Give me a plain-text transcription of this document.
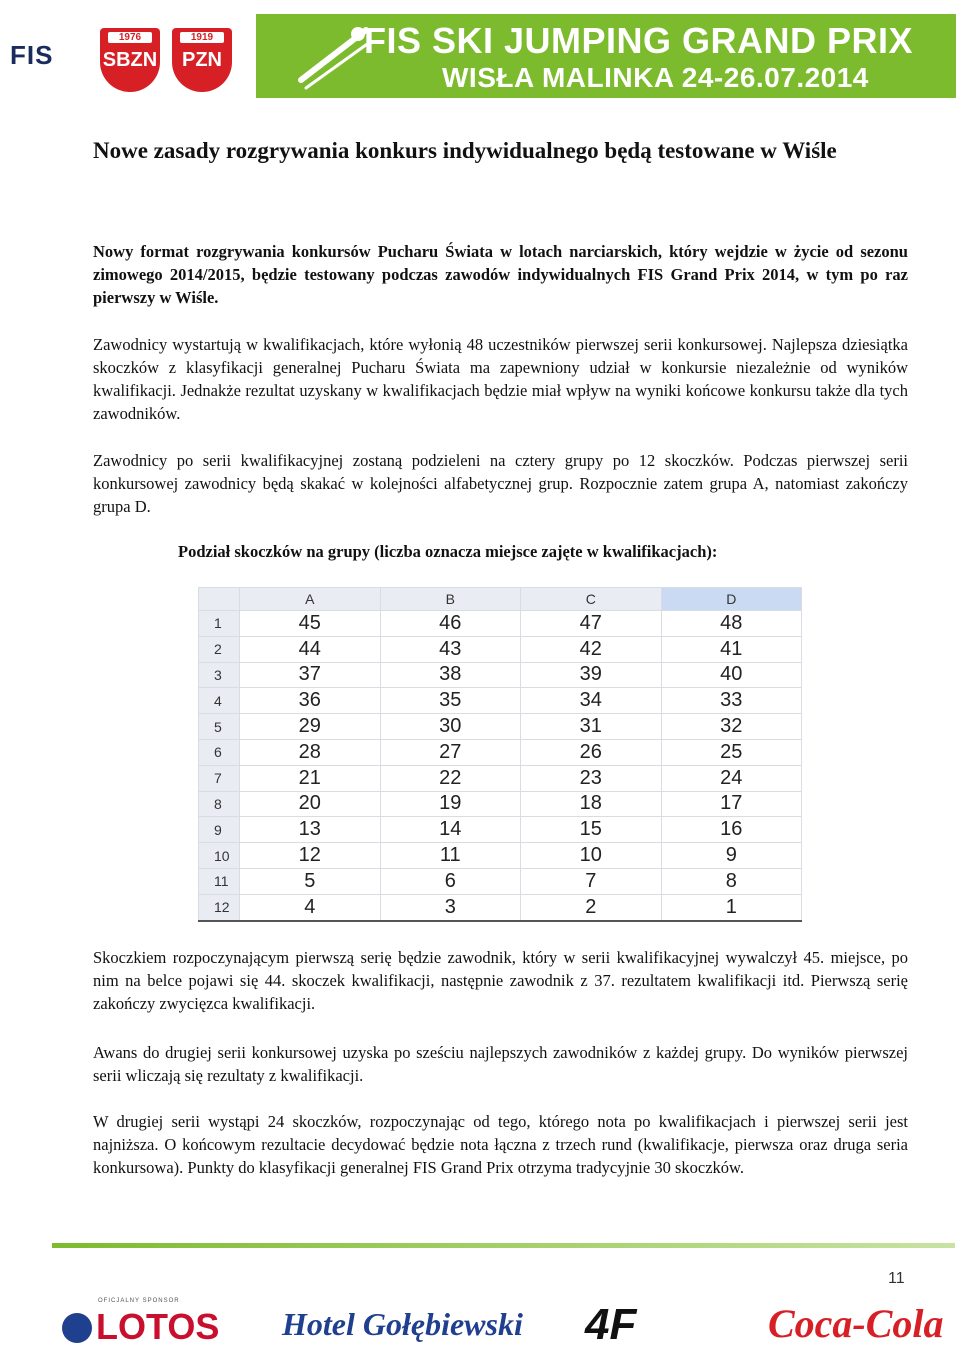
FIS
1976
SBZN
1919
PZN	FIS SKI JUMPING GRAND PRIX
WISŁA MALINKA 24-26.07.2014
Nowe zasady rozgrywania konkurs indywidualnego będą testowane w Wiśle
Nowy format rozgrywania konkursów Pucharu Świata w lotach narciarskich, który wejdzie w życie od sezonu zimowego 2014/2015, będzie testowany podczas zawodów indywidualnych FIS Grand Prix 2014, w tym po raz pierwszy w Wiśle.
Zawodnicy wystartują w kwalifikacjach, które wyłonią 48 uczestników pierwszej serii konkursowej. Najlepsza dziesiątka skoczków z klasyfikacji generalnej Pucharu Świata ma zapewniony udział w konkursie niezależnie od wyników kwalifikacji. Jednakże rezultat uzyskany w kwalifikacjach będzie miał wpływ na wyniki końcowe konkursu także dla tych zawodników.
Zawodnicy po serii kwalifikacyjnej zostaną podzieleni na cztery grupy po 12 skoczków. Podczas pierwszej serii konkursowej zawodnicy będą skakać w kolejności alfabetycznej grup. Rozpocznie zatem grupa A, natomiast zakończy grupa D.
Podział skoczków na grupy (liczba oznacza miejsce zajęte w kwalifikacjach):
	A	B	C	D
1	45	46	47	48
2	44	43	42	41
3	37	38	39	40
4	36	35	34	33
5	29	30	31	32
6	28	27	26	25
7	21	22	23	24
8	20	19	18	17
9	13	14	15	16
10	12	11	10	9
11	5	6	7	8
12	4	3	2	1
Skoczkiem rozpoczynającym pierwszą serię będzie zawodnik, który w serii kwalifikacyjnej wywalczył 45. miejsce, po nim na belce pojawi się 44. skoczek kwalifikacji, następnie zawodnik z 37. rezultatem kwalifikacji itd. Pierwszą serię zakończy zwycięzca kwalifikacji.
Awans do drugiej serii konkursowej uzyska po sześciu najlepszych zawodników z każdej grupy. Do wyników pierwszej serii wliczają się rezultaty z kwalifikacji.
W drugiej serii wystąpi 24 skoczków, rozpoczynając od tego, którego nota po kwalifikacjach i pierwszej serii jest najniższa. O końcowym rezultacie decydować będzie nota łączna z trzech rund (kwalifikacje, pierwsza oraz druga seria konkursowa). Punkty do klasyfikacji generalnej FIS Grand Prix otrzyma tradycyjnie 30 skoczków.
11
OFICJALNY SPONSOR
LOTOS Hotel Gołębiewski 4F	Coca-Cola
